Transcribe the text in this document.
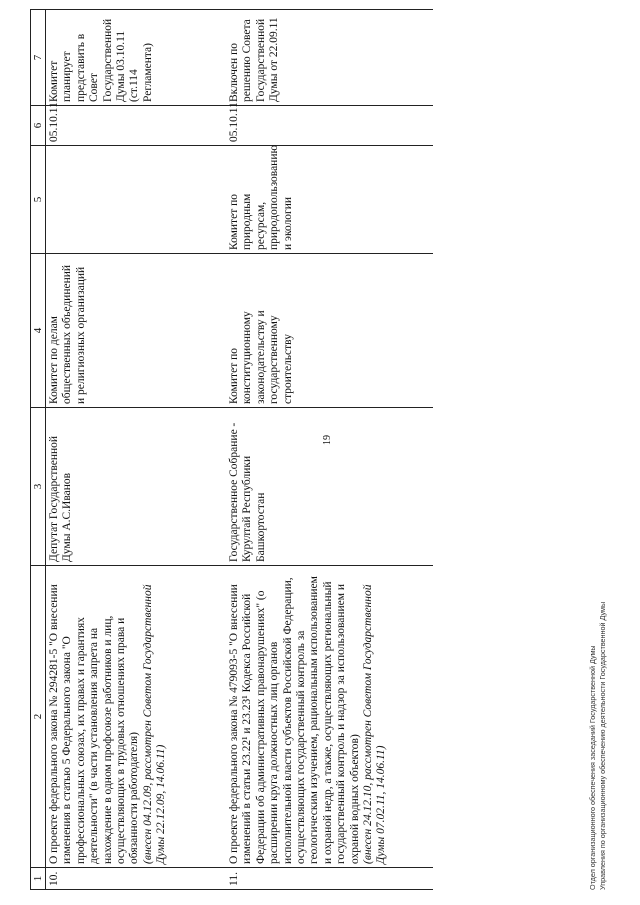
19
1	2	3	4	5	6	7
10.	О проекте федерального закона № 294281-5 "О внесении изменения в статью 5 Федерального закона "О профессиональных союзах, их правах и гарантиях деятельности" (в части установления запрета на нахождение в одном профсоюзе работников и лиц, осуществляющих в трудовых отношениях права и обязанности работодателя)
(внесен 04.12.09, рассмотрен Советом Государственной Думы 22.12.09, 14.06.11)	Депутат Государственной Думы А.С.Иванов	Комитет по делам общественных объединений и религиозных организаций		05.10.11	Комитет планирует представить в Совет Государственной Думы 03.10.11 (ст.114 Регламента)
11.	О проекте федерального закона № 479093-5 "О внесении изменений в статьи 23.22¹ и 23.23¹ Кодекса Российской Федерации об административных правонарушениях" (о расширении круга должностных лиц органов исполнительной власти субъектов Российской Федерации, осуществляющих государственный контроль за геологическим изучением, рациональным использованием и охраной недр, а также, осуществляющих региональный государственный контроль и надзор за использованием и охраной водных объектов)
(внесен 24.12.10, рассмотрен Советом Государственной Думы 07.02.11, 14.06.11)	Государственное Собрание - Курултай Республики Башкортостан	Комитет по конституционному законодательству и государственному строительству	Комитет по природным ресурсам, природопользованию и экологии	05.10.11	Включен по решению Совета Государственной Думы от 22.09.11
Отдел организационного обеспечения заседаний Государственной Думы Управления по организационному обеспечению деятельности Государственной Думы
